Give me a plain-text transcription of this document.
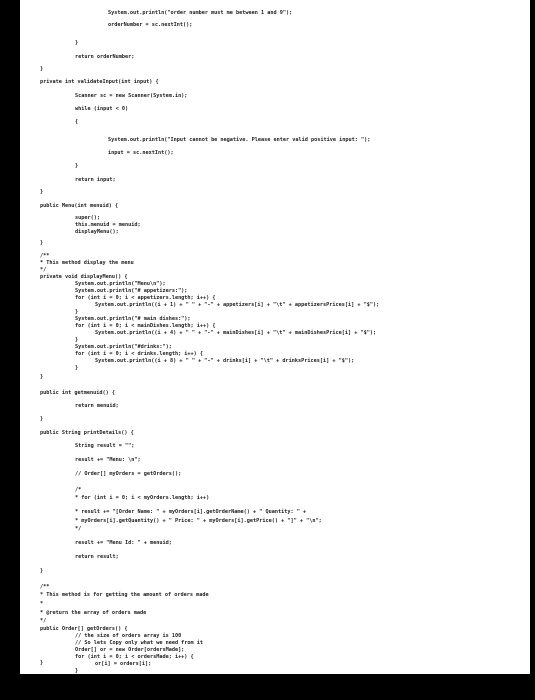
System.out.println("order number must me between 1 and 9");
orderNumber = sc.nextInt();
}
return orderNumber;
}
private int validateInput(int input) {
Scanner sc = new Scanner(System.in);
while (input < 0)
{
System.out.println("Input cannot be negative. Please enter valid positive input: ");
input = sc.nextInt();
}
return input;
}
public Menu(int menuid) {
super();
this.menuid = menuid;
displayMenu();
}
/**
* This method display the menu
*/
private void displayMenu() {
System.out.println("Menu\n");
System.out.println("# appetizers:");
for (int i = 0; i < appetizers.length; i++) {
System.out.println((i + 1) + " " + "-" + appetizers[i] + "\t" + appetizersPrices[i] + "$");
}
System.out.println("# main dishes:");
for (int i = 0; i < mainDishes.length; i++) {
System.out.println((i + 4) + " " + "-" + mainDishes[i] + "\t" + mainDishesPrice[i] + "$");
}
System.out.println("#drinks:");
for (int i = 0; i < drinks.length; i++) {
System.out.println((i + 8) + " " + "-" + drinks[i] + "\t" + drinksPrices[i] + "$");
}
}
public int getmenuid() {
return menuid;
}
public String printDetails() {
String result = "";
result += "Menu: \n";
// Order[] myOrders = getOrders();
/*
* for (int i = 0; i < myOrders.length; i++)
* result += "[Order Name: " + myOrders[i].getOrderName() + " Quantity: " +
* myOrders[i].getQuantity() + " Price: " + myOrders[i].getPrice() + "]" + "\n";
*/
result += "Menu Id: " + menuid;
return result;
}
/**
* This method is for getting the amount of orders made
*
* @return the array of orders made
*/
public Order[] getOrders() {
// the size of orders array is 100
// So lets Copy only what we need from it
Order[] or = new Order[ordersMade];
for (int i = 0; i < ordersMade; i++) {
or[i] = orders[i];
}
}
